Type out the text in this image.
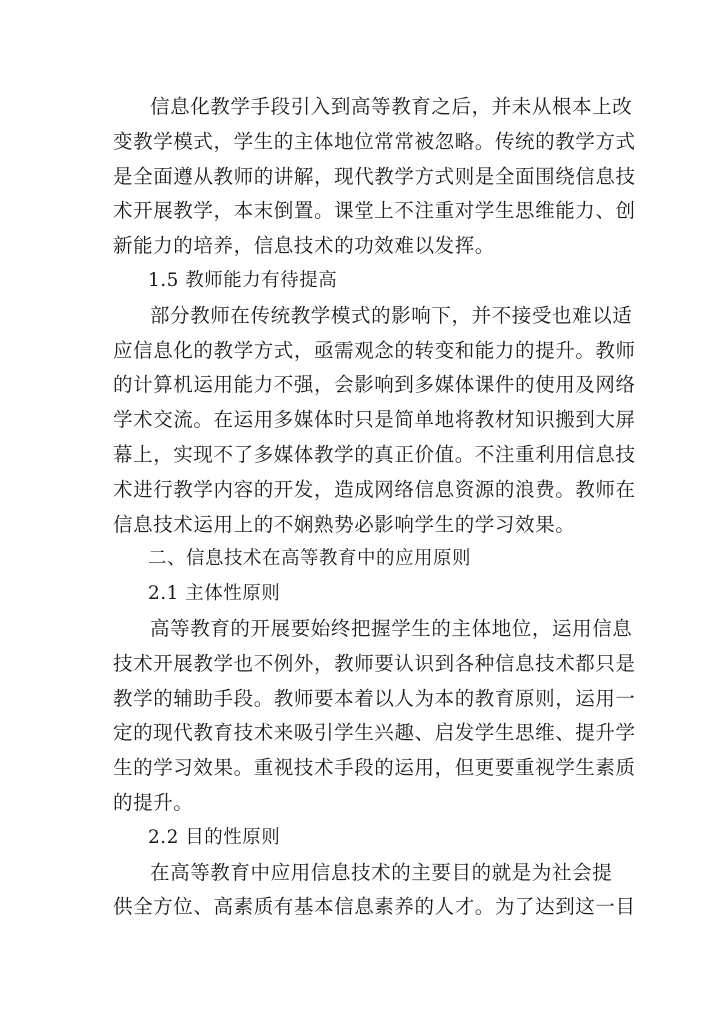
信息化教学手段引入到高等教育之后，并未从根本上改
变教学模式，学生的主体地位常常被忽略。传统的教学方式
是全面遵从教师的讲解，现代教学方式则是全面围绕信息技
术开展教学，本末倒置。课堂上不注重对学生思维能力、创
新能力的培养，信息技术的功效难以发挥。
1.5 教师能力有待提高
部分教师在传统教学模式的影响下，并不接受也难以适
应信息化的教学方式，亟需观念的转变和能力的提升。教师
的计算机运用能力不强，会影响到多媒体课件的使用及网络
学术交流。在运用多媒体时只是简单地将教材知识搬到大屏
幕上，实现不了多媒体教学的真正价值。不注重利用信息技
术进行教学内容的开发，造成网络信息资源的浪费。教师在
信息技术运用上的不娴熟势必影响学生的学习效果。
二、信息技术在高等教育中的应用原则
2.1 主体性原则
高等教育的开展要始终把握学生的主体地位，运用信息
技术开展教学也不例外，教师要认识到各种信息技术都只是
教学的辅助手段。教师要本着以人为本的教育原则，运用一
定的现代教育技术来吸引学生兴趣、启发学生思维、提升学
生的学习效果。重视技术手段的运用，但更要重视学生素质
的提升。
2.2 目的性原则
在高等教育中应用信息技术的主要目的就是为社会提
供全方位、高素质有基本信息素养的人才。为了达到这一目
